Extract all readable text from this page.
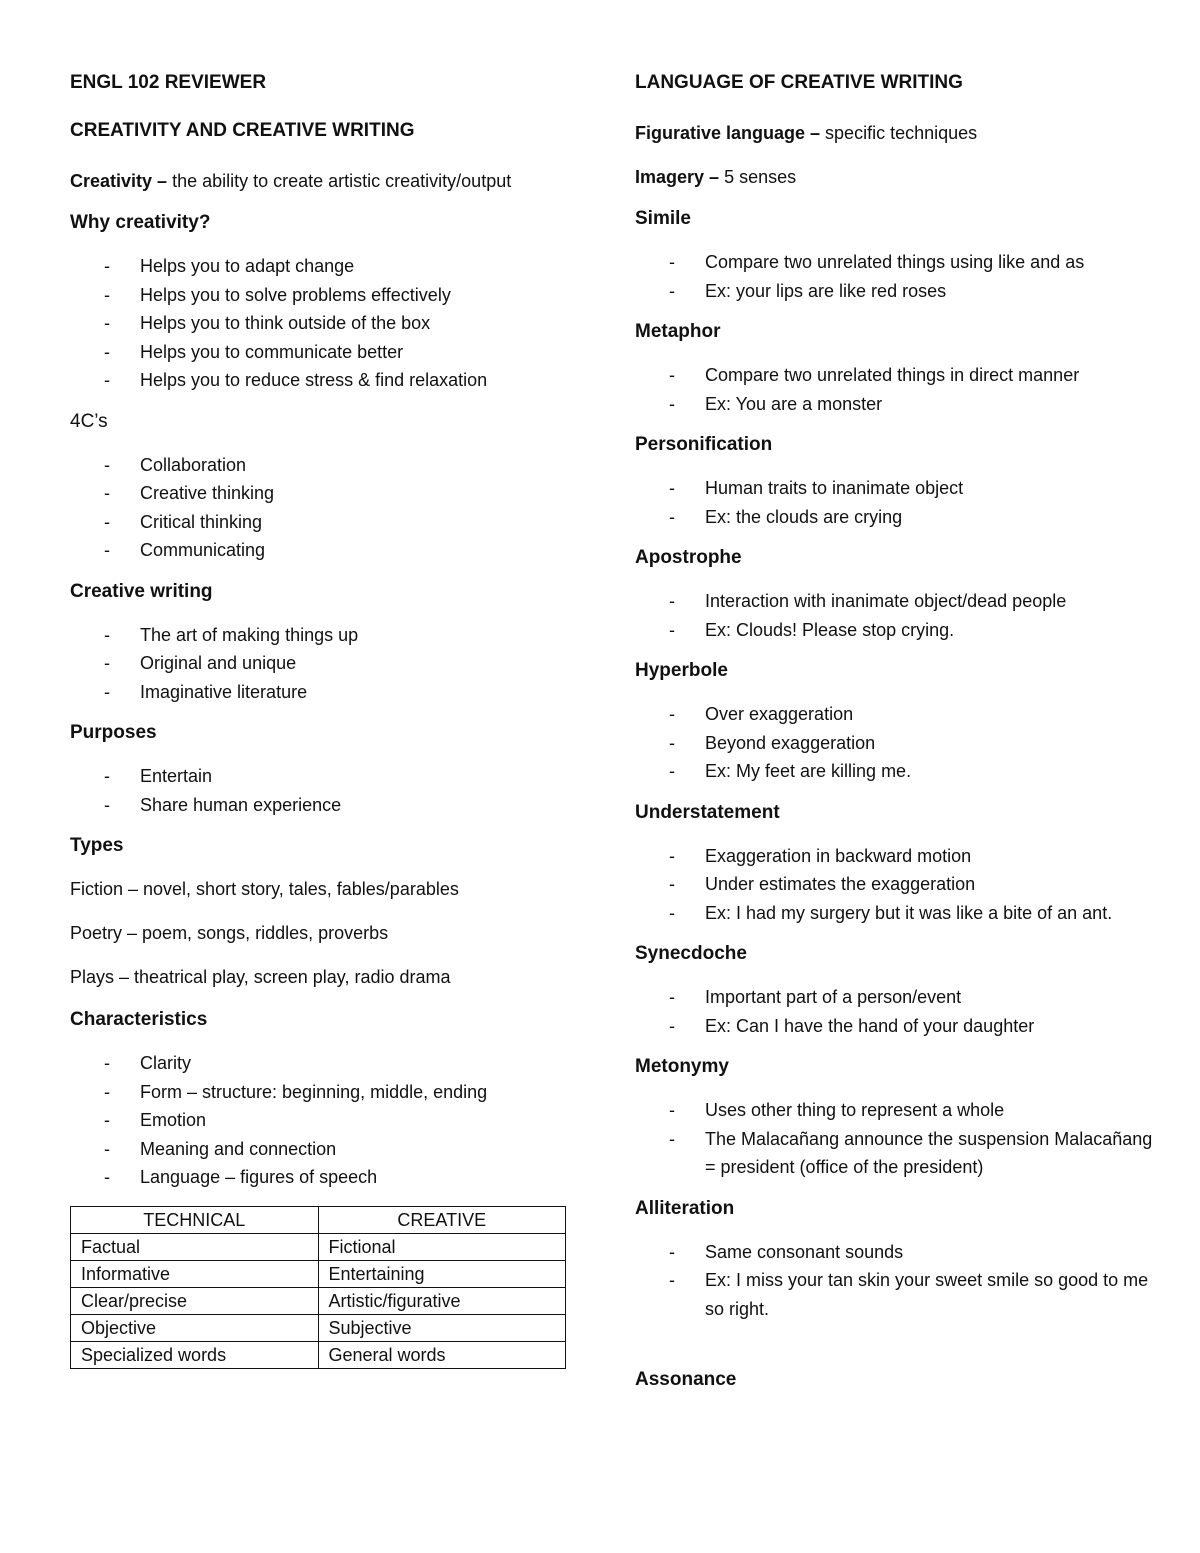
ENGL 102 REVIEWER
CREATIVITY AND CREATIVE WRITING
Creativity – the ability to create artistic creativity/output
Why creativity?
- Helps you to adapt change
- Helps you to solve problems effectively
- Helps you to think outside of the box
- Helps you to communicate better
- Helps you to reduce stress & find relaxation
4C’s
- Collaboration
- Creative thinking
- Critical thinking
- Communicating
Creative writing
- The art of making things up
- Original and unique
- Imaginative literature
Purposes
- Entertain
- Share human experience
Types
Fiction – novel, short story, tales, fables/parables
Poetry – poem, songs, riddles, proverbs
Plays – theatrical play, screen play, radio drama
Characteristics
- Clarity
- Form – structure: beginning, middle, ending
- Emotion
- Meaning and connection
- Language – figures of speech
TECHNICAL	CREATIVE
Factual	Fictional
Informative	Entertaining
Clear/precise	Artistic/figurative
Objective	Subjective
Specialized words	General words
LANGUAGE OF CREATIVE WRITING
Figurative language – specific techniques
Imagery – 5 senses
Simile
- Compare two unrelated things using like and as
- Ex: your lips are like red roses
Metaphor
- Compare two unrelated things in direct manner
- Ex: You are a monster
Personification
- Human traits to inanimate object
- Ex: the clouds are crying
Apostrophe
- Interaction with inanimate object/dead people
- Ex: Clouds! Please stop crying.
Hyperbole
- Over exaggeration
- Beyond exaggeration
- Ex: My feet are killing me.
Understatement
- Exaggeration in backward motion
- Under estimates the exaggeration
- Ex: I had my surgery but it was like a bite of an ant.
Synecdoche
- Important part of a person/event
- Ex: Can I have the hand of your daughter
Metonymy
- Uses other thing to represent a whole
- The Malacañang announce the suspension Malacañang = president (office of the president)
Alliteration
- Same consonant sounds
- Ex: I miss your tan skin your sweet smile so good to me so right.
Assonance
